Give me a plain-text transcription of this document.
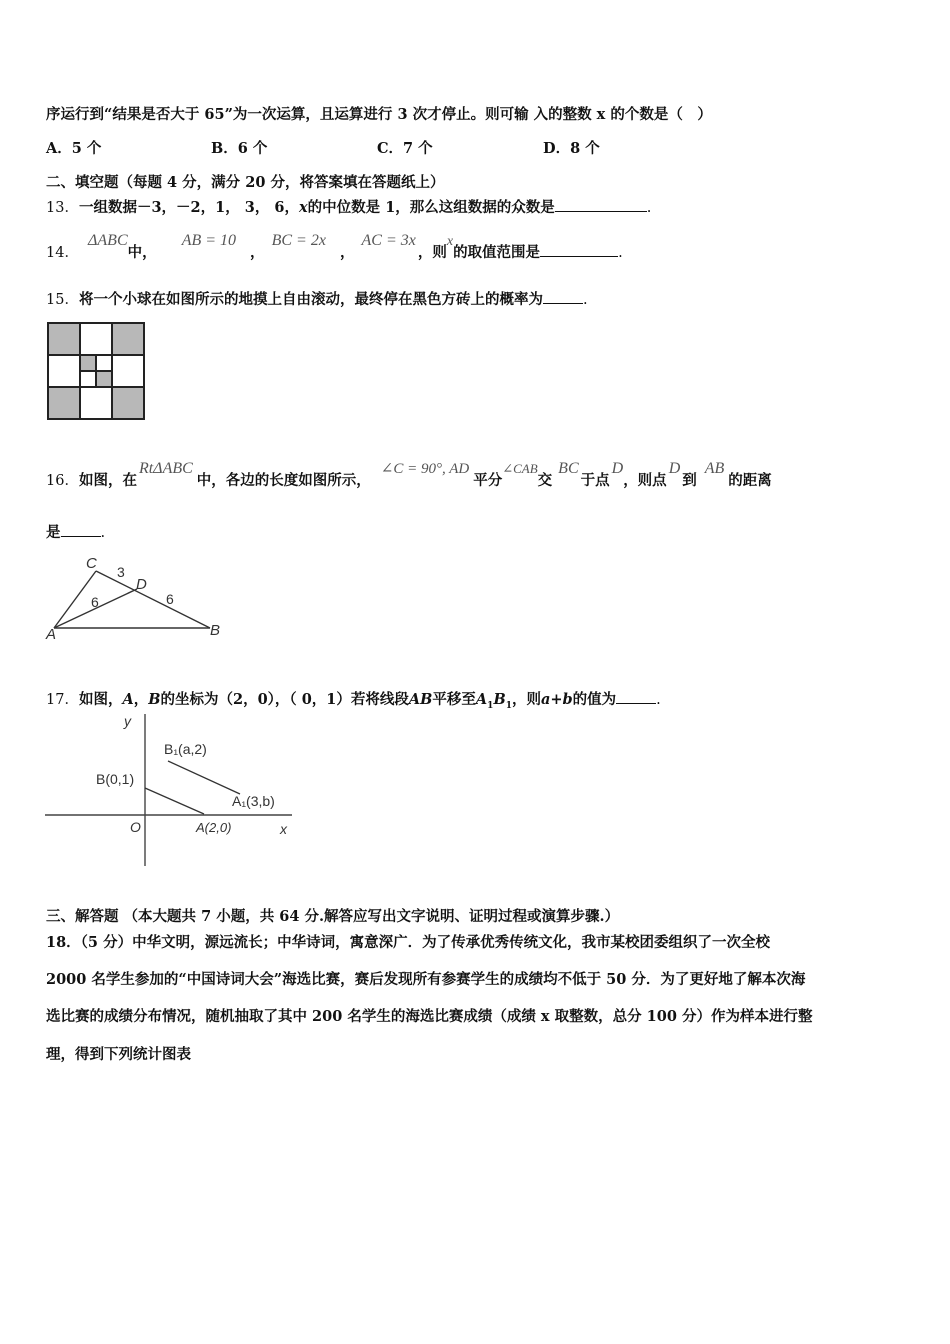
序运行到“结果是否大于 65”为一次运算，且运算进行 3 次才停止。则可输 入的整数 x 的个数是（　）
A．5 个	B．6 个	C．7 个	D．8 个
二、填空题（每题 4 分，满分 20 分，将答案填在答题纸上）
13．一组数据－3，－2，1， 3， 6，x的中位数是 1，那么这组数据的众数是	.
14． ΔABC中， AB = 10， BC = 2x， AC = 3x，则x的取值范围是	.
15．将一个小球在如图所示的地摸上自由滚动，最终停在黑色方砖上的概率为	.
16．如图，在RtΔABC中，各边的长度如图所示，∠C = 90°, AD平分∠CAB交BC于点D，则点D到AB的距离
是	.
C
D
A	B
3
6	6
17．如图，A，B的坐标为（2，0），（ 0，1）若将线段AB平移至$A_1B_1$，则a+b的值为	.
y
x
O
B₁(a,2)
B(0,1)
A₁(3,b)
A(2,0)
三、解答题 （本大题共 7 小题，共 64 分.解答应写出文字说明、证明过程或演算步骤.）
18．（5 分）中华文明，源远流长；中华诗词，寓意深广．为了传承优秀传统文化，我市某校团委组织了一次全校
2000 名学生参加的“中国诗词大会”海选比赛，赛后发现所有参赛学生的成绩均不低于 50 分．为了更好地了解本次海
选比赛的成绩分布情况，随机抽取了其中 200 名学生的海选比赛成绩（成绩 x 取整数，总分 100 分）作为样本进行整
理，得到下列统计图表
